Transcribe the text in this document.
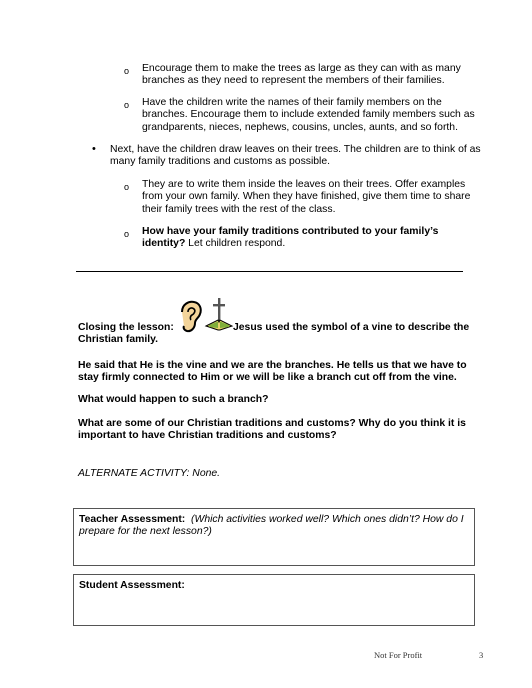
o Encourage them to make the trees as large as they can with as many
branches as they need to represent the members of their families.
o Have the children write the names of their family members on the
branches. Encourage them to include extended family members such as
grandparents, nieces, nephews, cousins, uncles, aunts, and so forth.
• Next, have the children draw leaves on their trees. The children are to think of as
many family traditions and customs as possible.
o They are to write them inside the leaves on their trees. Offer examples
from your own family. When they have finished, give them time to share
their family trees with the rest of the class.
o How have your family traditions contributed to your family’s
identity? Let children respond.
Closing the lesson:	Jesus used the symbol of a vine to describe the
Christian family.
He said that He is the vine and we are the branches. He tells us that we have to
stay firmly connected to Him or we will be like a branch cut off from the vine.
What would happen to such a branch?
What are some of our Christian traditions and customs? Why do you think it is
important to have Christian traditions and customs?
ALTERNATE ACTIVITY: None.
Teacher Assessment: (Which activities worked well? Which ones didn’t? How do I
prepare for the next lesson?)
Student Assessment:
Not For Profit	3
